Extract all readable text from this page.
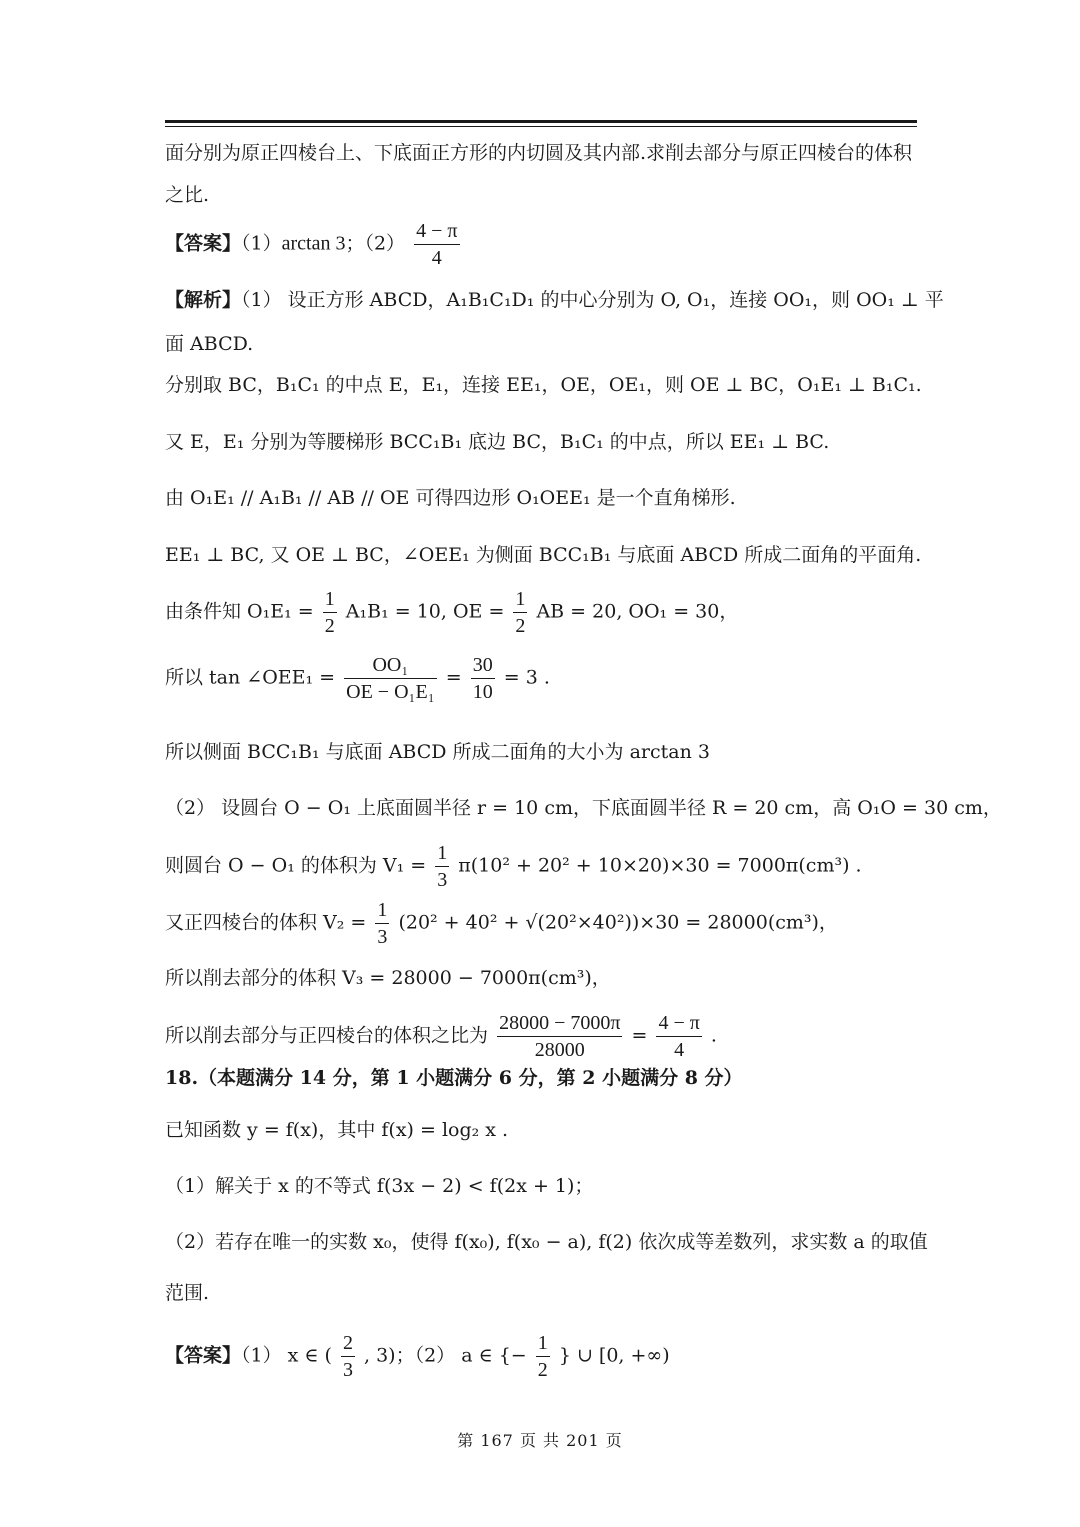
面分别为原正四棱台上、下底面正方形的内切圆及其内部.求削去部分与原正四棱台的体积
之比.
【答案】（1）arctan 3；$(2) \frac{4 - \pi}{4}$
【解析】（1） 设正方形 ABCD，A₁B₁C₁D₁ 的中心分别为 O, O₁，连接 OO₁，则 OO₁ ⊥ 平
面 ABCD.
分别取 BC，B₁C₁ 的中点 E，E₁，连接 EE₁，OE，OE₁，则 OE ⊥ BC，O₁E₁ ⊥ B₁C₁.
又 E，E₁ 分别为等腰梯形 BCC₁B₁ 底边 BC，B₁C₁ 的中点，所以 EE₁ ⊥ BC.
由 O₁E₁ // A₁B₁ // AB // OE 可得四边形 O₁OEE₁ 是一个直角梯形.
EE₁ ⊥ BC, 又 OE ⊥ BC，∠OEE₁ 为侧面 BCC₁B₁ 与底面 ABCD 所成二面角的平面角.
由条件知 $O_1E_1 = \frac{1}{2} A_1B_1 = 10$, OE = $\frac{1}{2}$ AB = 20, OO₁ = 30，
所以 tan ∠OEE₁ = $\frac{\text{OO₁}}{\text{OE − O₁E₁}} = \frac{30}{10} = 3$ .
所以侧面 BCC₁B₁ 与底面 ABCD 所成二面角的大小为 arctan 3
（2） 设圆台 O − O₁ 上底面圆半径 r = 10 cm，下底面圆半径 R = 20 cm，高 O₁O = 30 cm，
则圆台 O − O₁ 的体积为 $V_1 = \frac{1}{3} \pi(10^2 + 20^2 + 10\times 20)\times 30 = 7000\pi(cm^3)$ .
又正四棱台的体积 $V_2 = \frac{1}{3} (20^2 + 40^2 + √(20^2\times 40^2))\times 30 = 28000(cm^3)$，
所以削去部分的体积 V₃ = 28000 − 7000π(cm³)，
所以削去部分与正四棱台的体积之比为 $\frac{28000 - 7000\pi}{28000} = \frac{4 - \pi}{4}$ .
18.（本题满分 14 分，第 1 小题满分 6 分，第 2 小题满分 8 分）
已知函数 y = f(x)，其中 f(x) = log₂ x .
（1）解关于 x 的不等式 f(3x − 2) < f(2x + 1)；
（2）若存在唯一的实数 x₀，使得 f(x₀), f(x₀ − a), f(2) 依次成等差数列，求实数 a 的取值
范围.
【答案】（1） x ∈ ( $\frac{2}{3}$ , 3)；（2） a ∈ {− $\frac{1}{2}$ } ∪ [0, +∞)
第 167 页 共 201 页
